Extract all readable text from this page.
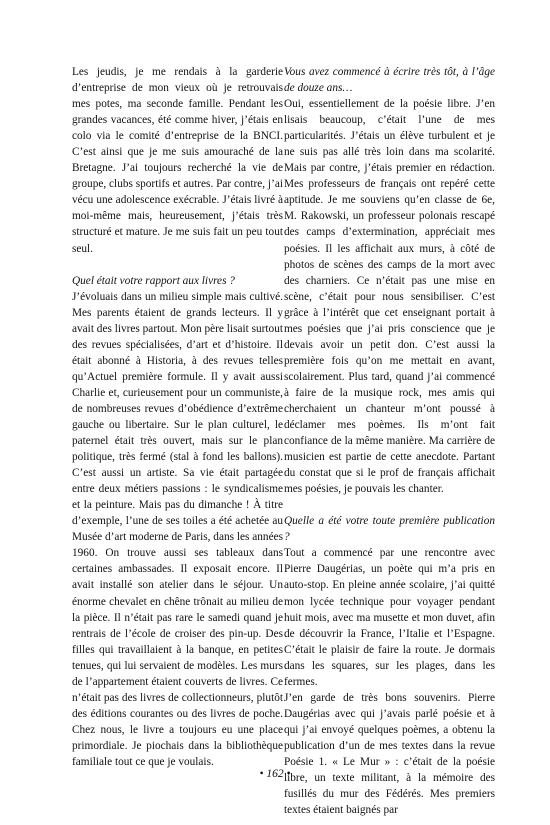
Les jeudis, je me rendais à la garderie d’entreprise de mon vieux où je retrouvais mes potes, ma seconde famille. Pendant les grandes vacances, été comme hiver, j’étais en colo via le comité d’entreprise de la BNCI. C’est ainsi que je me suis amouraché de la Bretagne. J’ai toujours recherché la vie de groupe, clubs sportifs et autres. Par contre, j’ai vécu une adolescence exécrable. J’étais livré à moi-même mais, heureusement, j’étais très structuré et mature. Je me suis fait un peu tout seul.

Quel était votre rapport aux livres ?

J’évoluais dans un milieu simple mais cultivé. Mes parents étaient de grands lecteurs. Il y avait des livres partout. Mon père lisait surtout des revues spécialisées, d’art et d’histoire. Il était abonné à Historia, à des revues telles qu’Actuel première formule. Il y avait aussi Charlie et, curieusement pour un communiste, de nombreuses revues d’obédience d’extrême gauche ou libertaire. Sur le plan culturel, le paternel était très ouvert, mais sur le plan politique, très fermé (stal à fond les ballons). C’est aussi un artiste. Sa vie était partagée entre deux métiers passions : le syndicalisme et la peinture. Mais pas du dimanche ! À titre d’exemple, l’une de ses toiles a été achetée au Musée d’art moderne de Paris, dans les années 1960. On trouve aussi ses tableaux dans certaines ambassades. Il exposait encore. Il avait installé son atelier dans le séjour. Un énorme chevalet en chêne trônait au milieu de la pièce. Il n’était pas rare le samedi quand je rentrais de l’école de croiser des pin-up. Des filles qui travaillaient à la banque, en petites tenues, qui lui servaient de modèles. Les murs de l’appartement étaient couverts de livres. Ce n’était pas des livres de collectionneurs, plutôt des éditions courantes ou des livres de poche. Chez nous, le livre a toujours eu une place primordiale. Je piochais dans la bibliothèque familiale tout ce que je voulais.

Vous avez commencé à écrire très tôt, à l’âge de douze ans…

Oui, essentiellement de la poésie libre. J’en lisais beaucoup, c’était l’une de mes particularités. J’étais un élève turbulent et je ne suis pas allé très loin dans ma scolarité. Mais par contre, j’étais premier en rédaction. Mes professeurs de français ont repéré cette aptitude. Je me souviens qu’en classe de 6e, M. Rakowski, un professeur polonais rescapé des camps d’extermination, appréciait mes poésies. Il les affichait aux murs, à côté de photos de scènes des camps de la mort avec des charniers. Ce n’était pas une mise en scène, c’était pour nous sensibiliser. C’est grâce à l’intérêt que cet enseignant portait à mes poésies que j’ai pris conscience que je devais avoir un petit don. C’est aussi la première fois qu’on me mettait en avant, scolairement. Plus tard, quand j’ai commencé à faire de la musique rock, mes amis qui cherchaient un chanteur m’ont poussé à déclamer mes poèmes. Ils m’ont fait confiance de la même manière. Ma carrière de musicien est partie de cette anecdote. Partant du constat que si le prof de français affichait mes poésies, je pouvais les chanter.

Quelle a été votre toute première publication ?

Tout a commencé par une rencontre avec Pierre Daugérias, un poète qui m’a pris en auto-stop. En pleine année scolaire, j’ai quitté mon lycée technique pour voyager pendant huit mois, avec ma musette et mon duvet, afin de découvrir la France, l’Italie et l’Espagne. C’était le plaisir de faire la route. Je dormais dans les squares, sur les plages, dans les fermes.

J’en garde de très bons souvenirs. Pierre Daugérias avec qui j’avais parlé poésie et à qui j’ai envoyé quelques poèmes, a obtenu la publication d’un de mes textes dans la revue Poésie 1. « Le Mur » : c’était de la poésie libre, un texte militant, à la mémoire des fusillés du mur des Fédérés. Mes premiers textes étaient baignés par

• 162 •
